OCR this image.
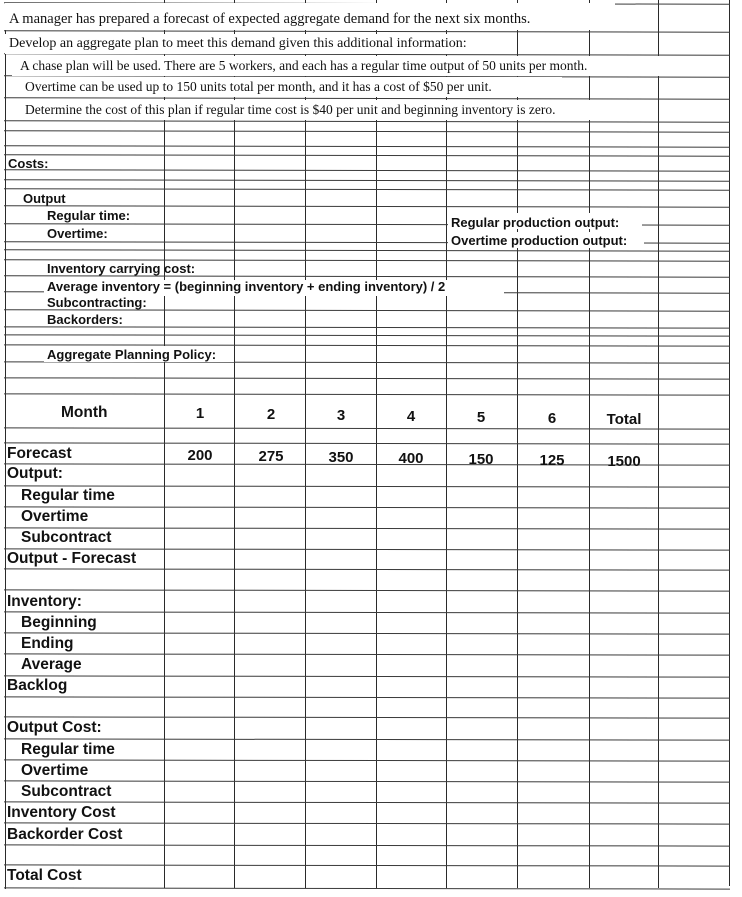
A manager has prepared a forecast of expected aggregate demand for the next six months.
Develop an aggregate plan to meet this demand given this additional information:
A chase plan will be used. There are 5 workers, and each has a regular time output of 50 units per month.
Overtime can be used up to 150 units total per month, and it has a cost of $50 per unit.
Determine the cost of this plan if regular time cost is $40 per unit and beginning inventory is zero.
Costs:
Output
Regular time:
Overtime:
Regular production output:
Overtime production output:
Inventory carrying cost:
Average inventory = (beginning inventory + ending inventory) / 2
Subcontracting:
Backorders:
Aggregate Planning Policy:
Month	1	2	3	4	5	6	Total
Forecast	200	275	350	400	150	125	1500
Output:
Regular time
Overtime
Subcontract
Output - Forecast
Inventory:
Beginning
Ending
Average
Backlog
Output Cost:
Regular time
Overtime
Subcontract
Inventory Cost
Backorder Cost
Total Cost
